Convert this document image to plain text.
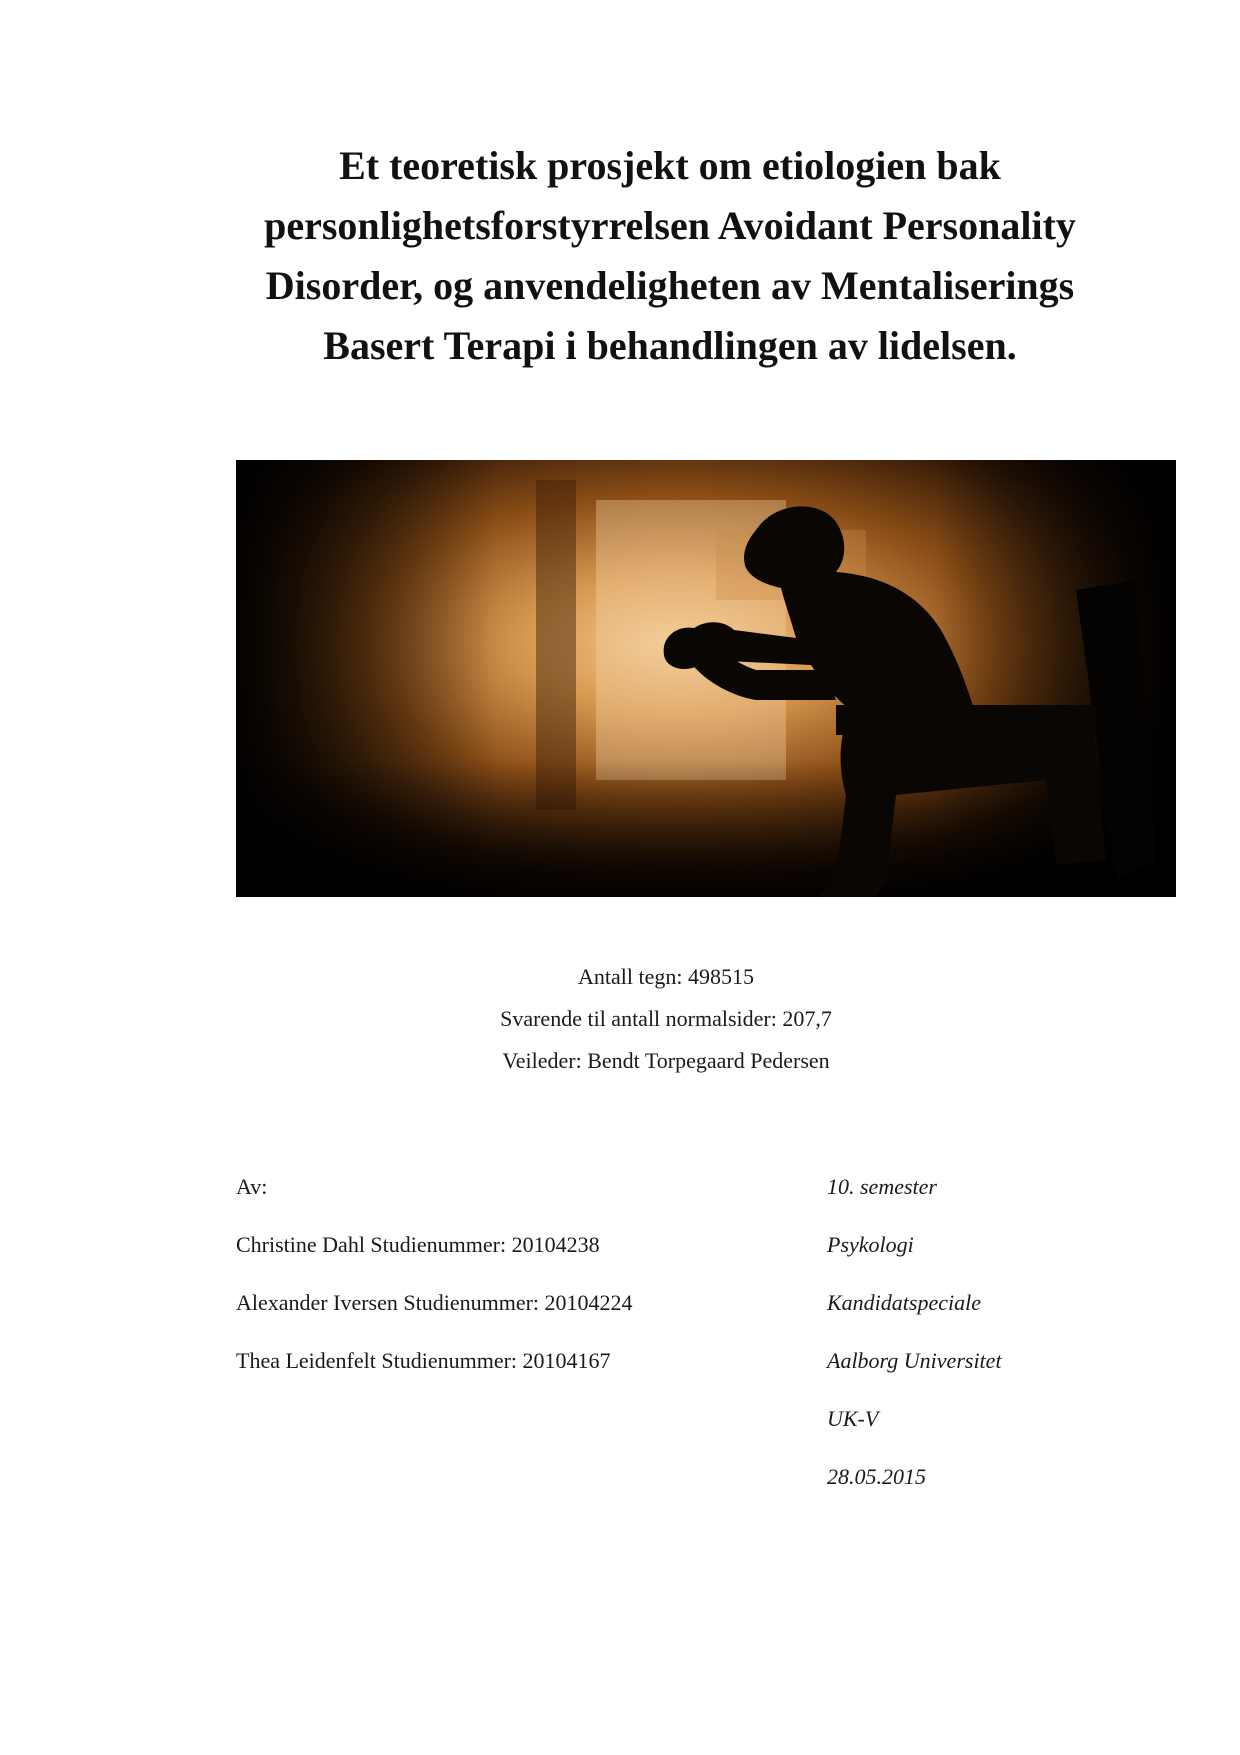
Et teoretisk prosjekt om etiologien bak
personlighetsforstyrrelsen Avoidant Personality
Disorder, og anvendeligheten av Mentaliserings
Basert Terapi i behandlingen av lidelsen.
Antall tegn: 498515
Svarende til antall normalsider: 207,7
Veileder: Bendt Torpegaard Pedersen
Av:
Christine Dahl Studienummer: 20104238
Alexander Iversen Studienummer: 20104224
Thea Leidenfelt Studienummer: 20104167
10. semester
Psykologi
Kandidatspeciale
Aalborg Universitet
UK-V
28.05.2015
